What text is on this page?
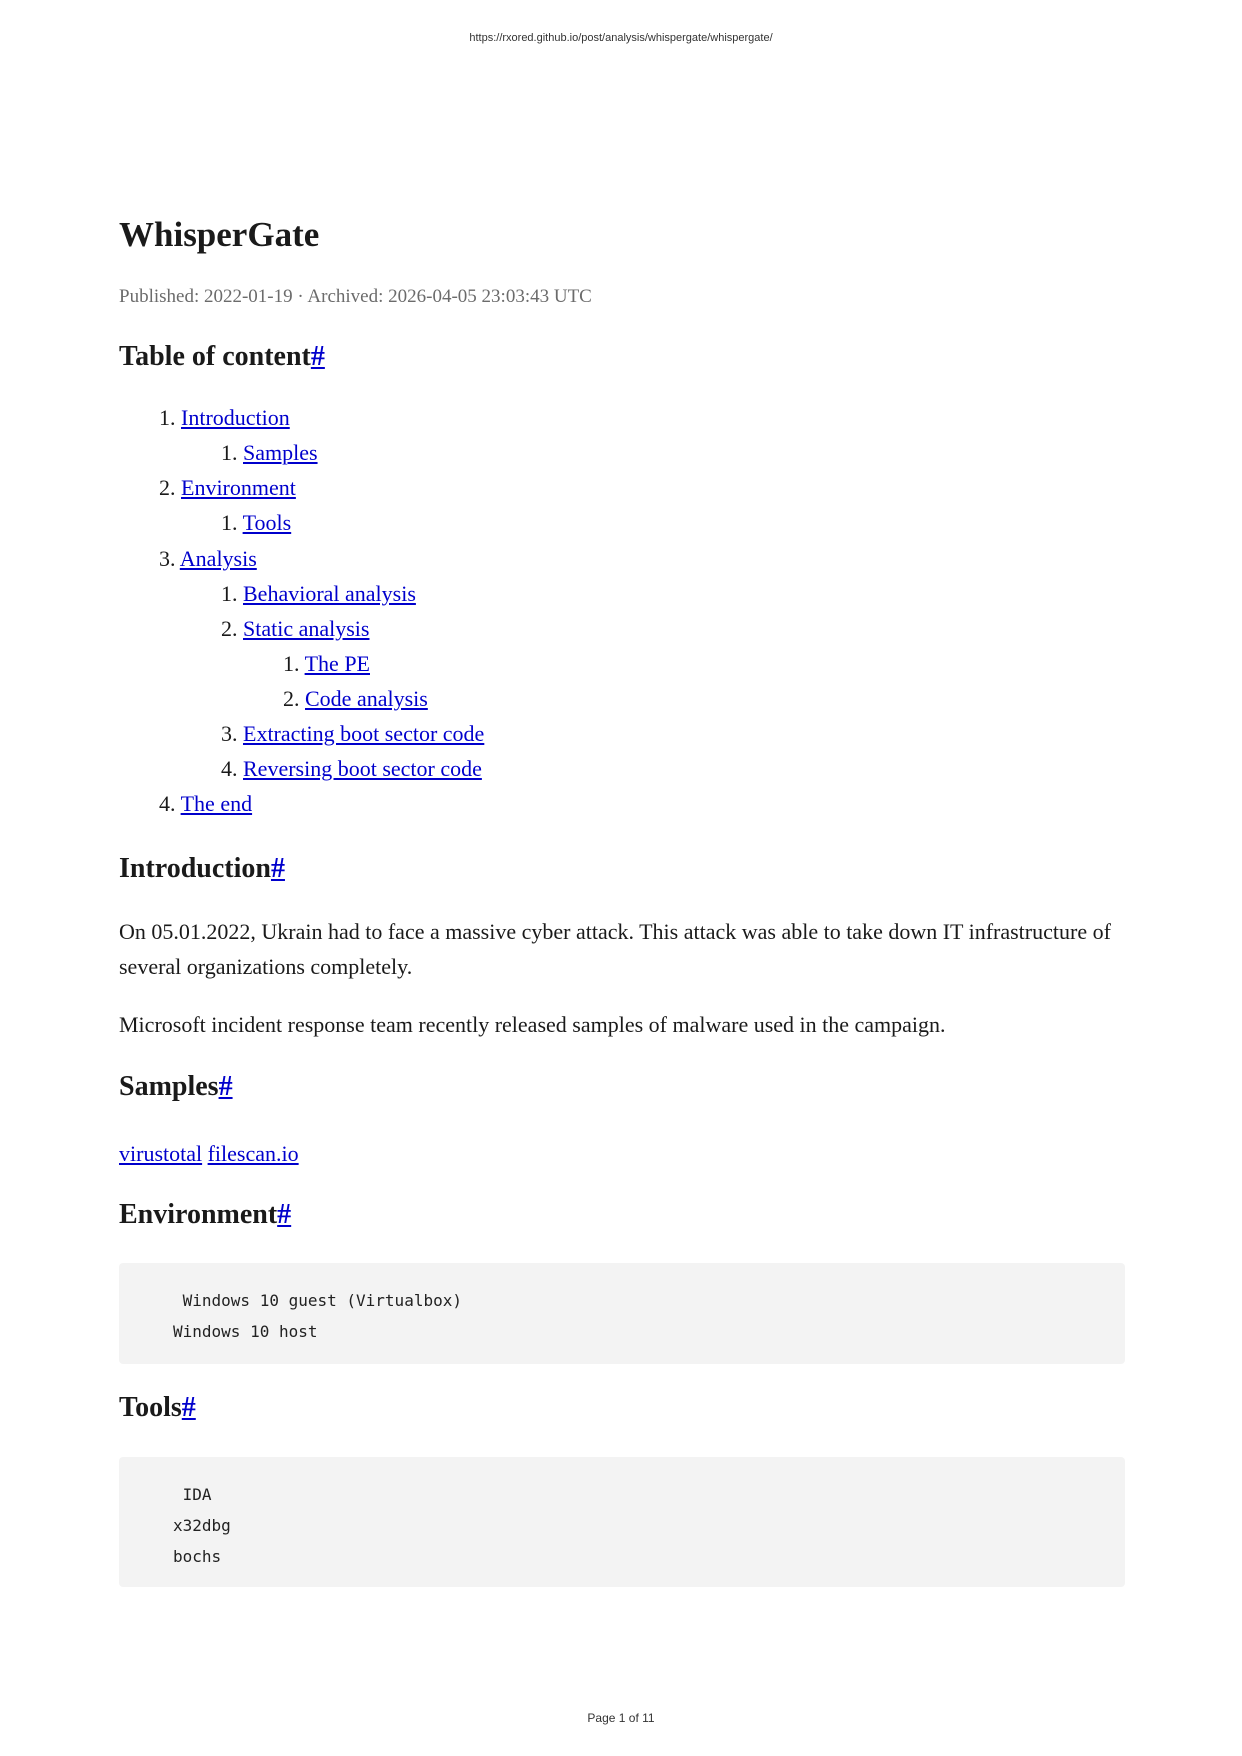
https://rxored.github.io/post/analysis/whispergate/whispergate/
WhisperGate
Published: 2022-01-19 · Archived: 2026-04-05 23:03:43 UTC
Table of content#
1. Introduction
1. Samples
2. Environment
1. Tools
3. Analysis
1. Behavioral analysis
2. Static analysis
1. The PE
2. Code analysis
3. Extracting boot sector code
4. Reversing boot sector code
4. The end
Introduction#

On 05.01.2022, Ukrain had to face a massive cyber attack. This attack was able to take down IT infrastructure of several organizations completely.

Microsoft incident response team recently released samples of malware used in the campaign.

Samples#
virustotal filescan.io
Environment#
Windows 10 guest (Virtualbox)
Windows 10 host
Tools#
IDA
x32dbg
bochs
Page 1 of 11
